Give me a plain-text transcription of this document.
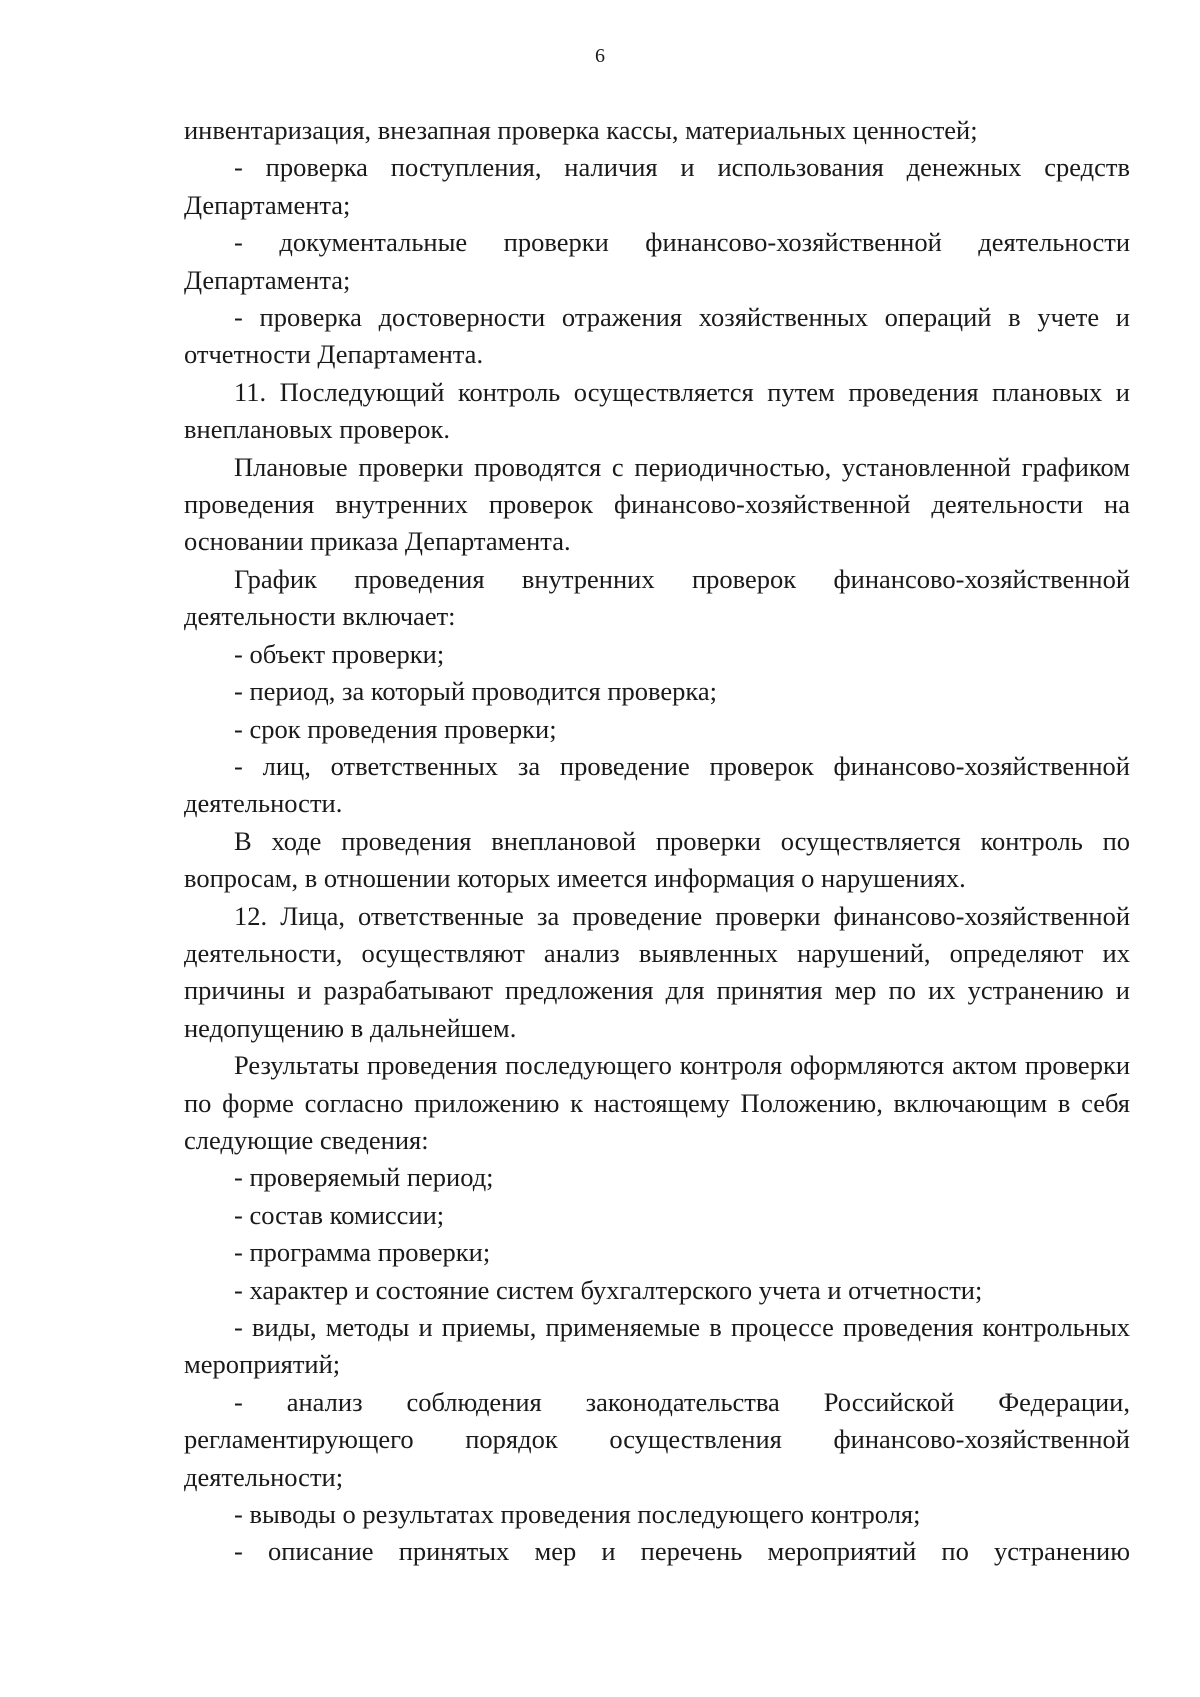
6

инвентаризация, внезапная проверка кассы, материальных ценностей;

- проверка поступления, наличия и использования денежных средств Департамента;

- документальные проверки финансово-хозяйственной деятельности Департамента;

- проверка достоверности отражения хозяйственных операций в учете и отчетности Департамента.

11. Последующий контроль осуществляется путем проведения плановых и внеплановых проверок.

Плановые проверки проводятся с периодичностью, установленной графиком проведения внутренних проверок финансово-хозяйственной деятельности на основании приказа Департамента.

График проведения внутренних проверок финансово-хозяйственной деятельности включает:

- объект проверки;

- период, за который проводится проверка;

- срок проведения проверки;

- лиц, ответственных за проведение проверок финансово-хозяйственной деятельности.

В ходе проведения внеплановой проверки осуществляется контроль по вопросам, в отношении которых имеется информация о нарушениях.

12. Лица, ответственные за проведение проверки финансово-хозяйственной деятельности, осуществляют анализ выявленных нарушений, определяют их причины и разрабатывают предложения для принятия мер по их устранению и недопущению в дальнейшем.

Результаты проведения последующего контроля оформляются актом проверки по форме согласно приложению к настоящему Положению, включающим в себя следующие сведения:

- проверяемый период;

- состав комиссии;

- программа проверки;

- характер и состояние систем бухгалтерского учета и отчетности;

- виды, методы и приемы, применяемые в процессе проведения контрольных мероприятий;

- анализ соблюдения законодательства Российской Федерации, регламентирующего порядок осуществления финансово-хозяйственной деятельности;

- выводы о результатах проведения последующего контроля;

- описание принятых мер и перечень мероприятий по устранению
